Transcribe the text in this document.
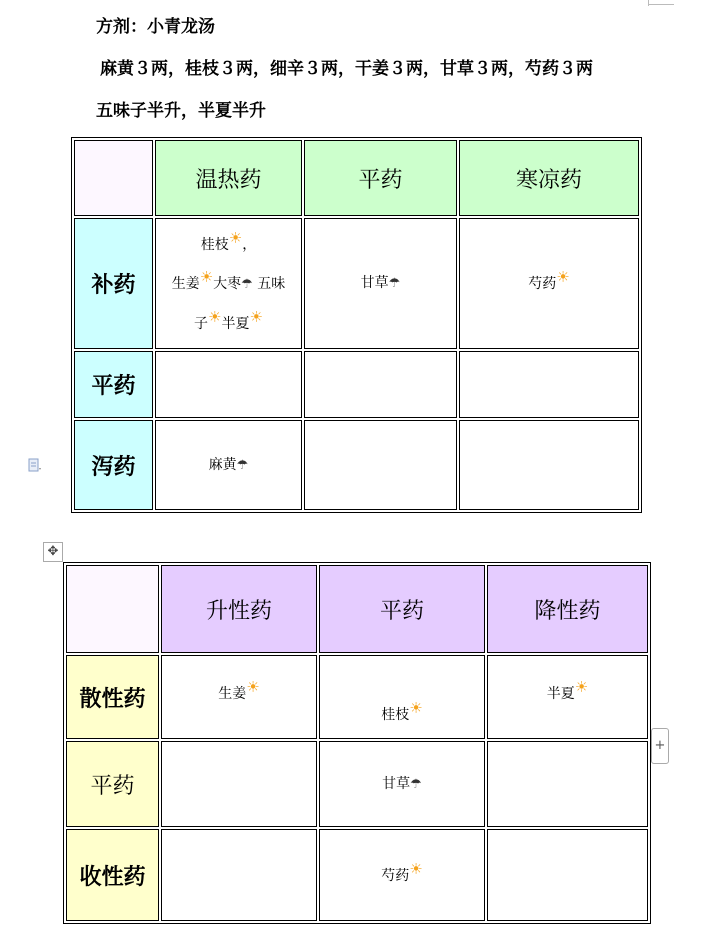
方剂：小青龙汤
麻黄３两，桂枝３两，细辛３两，干姜３两，甘草３两，芍药３两
五味子半升，半夏半升
	温热药	平药	寒凉药
补药	桂枝☀，
生姜☀大枣☂ 五味
子☀半夏☀	甘草☂	芍药☀
平药			
泻药	麻黄☂		
✥
	升性药	平药	降性药
散性药	生姜☀	桂枝☀	半夏☀
平药		甘草☂	
收性药		芍药☀	
+
